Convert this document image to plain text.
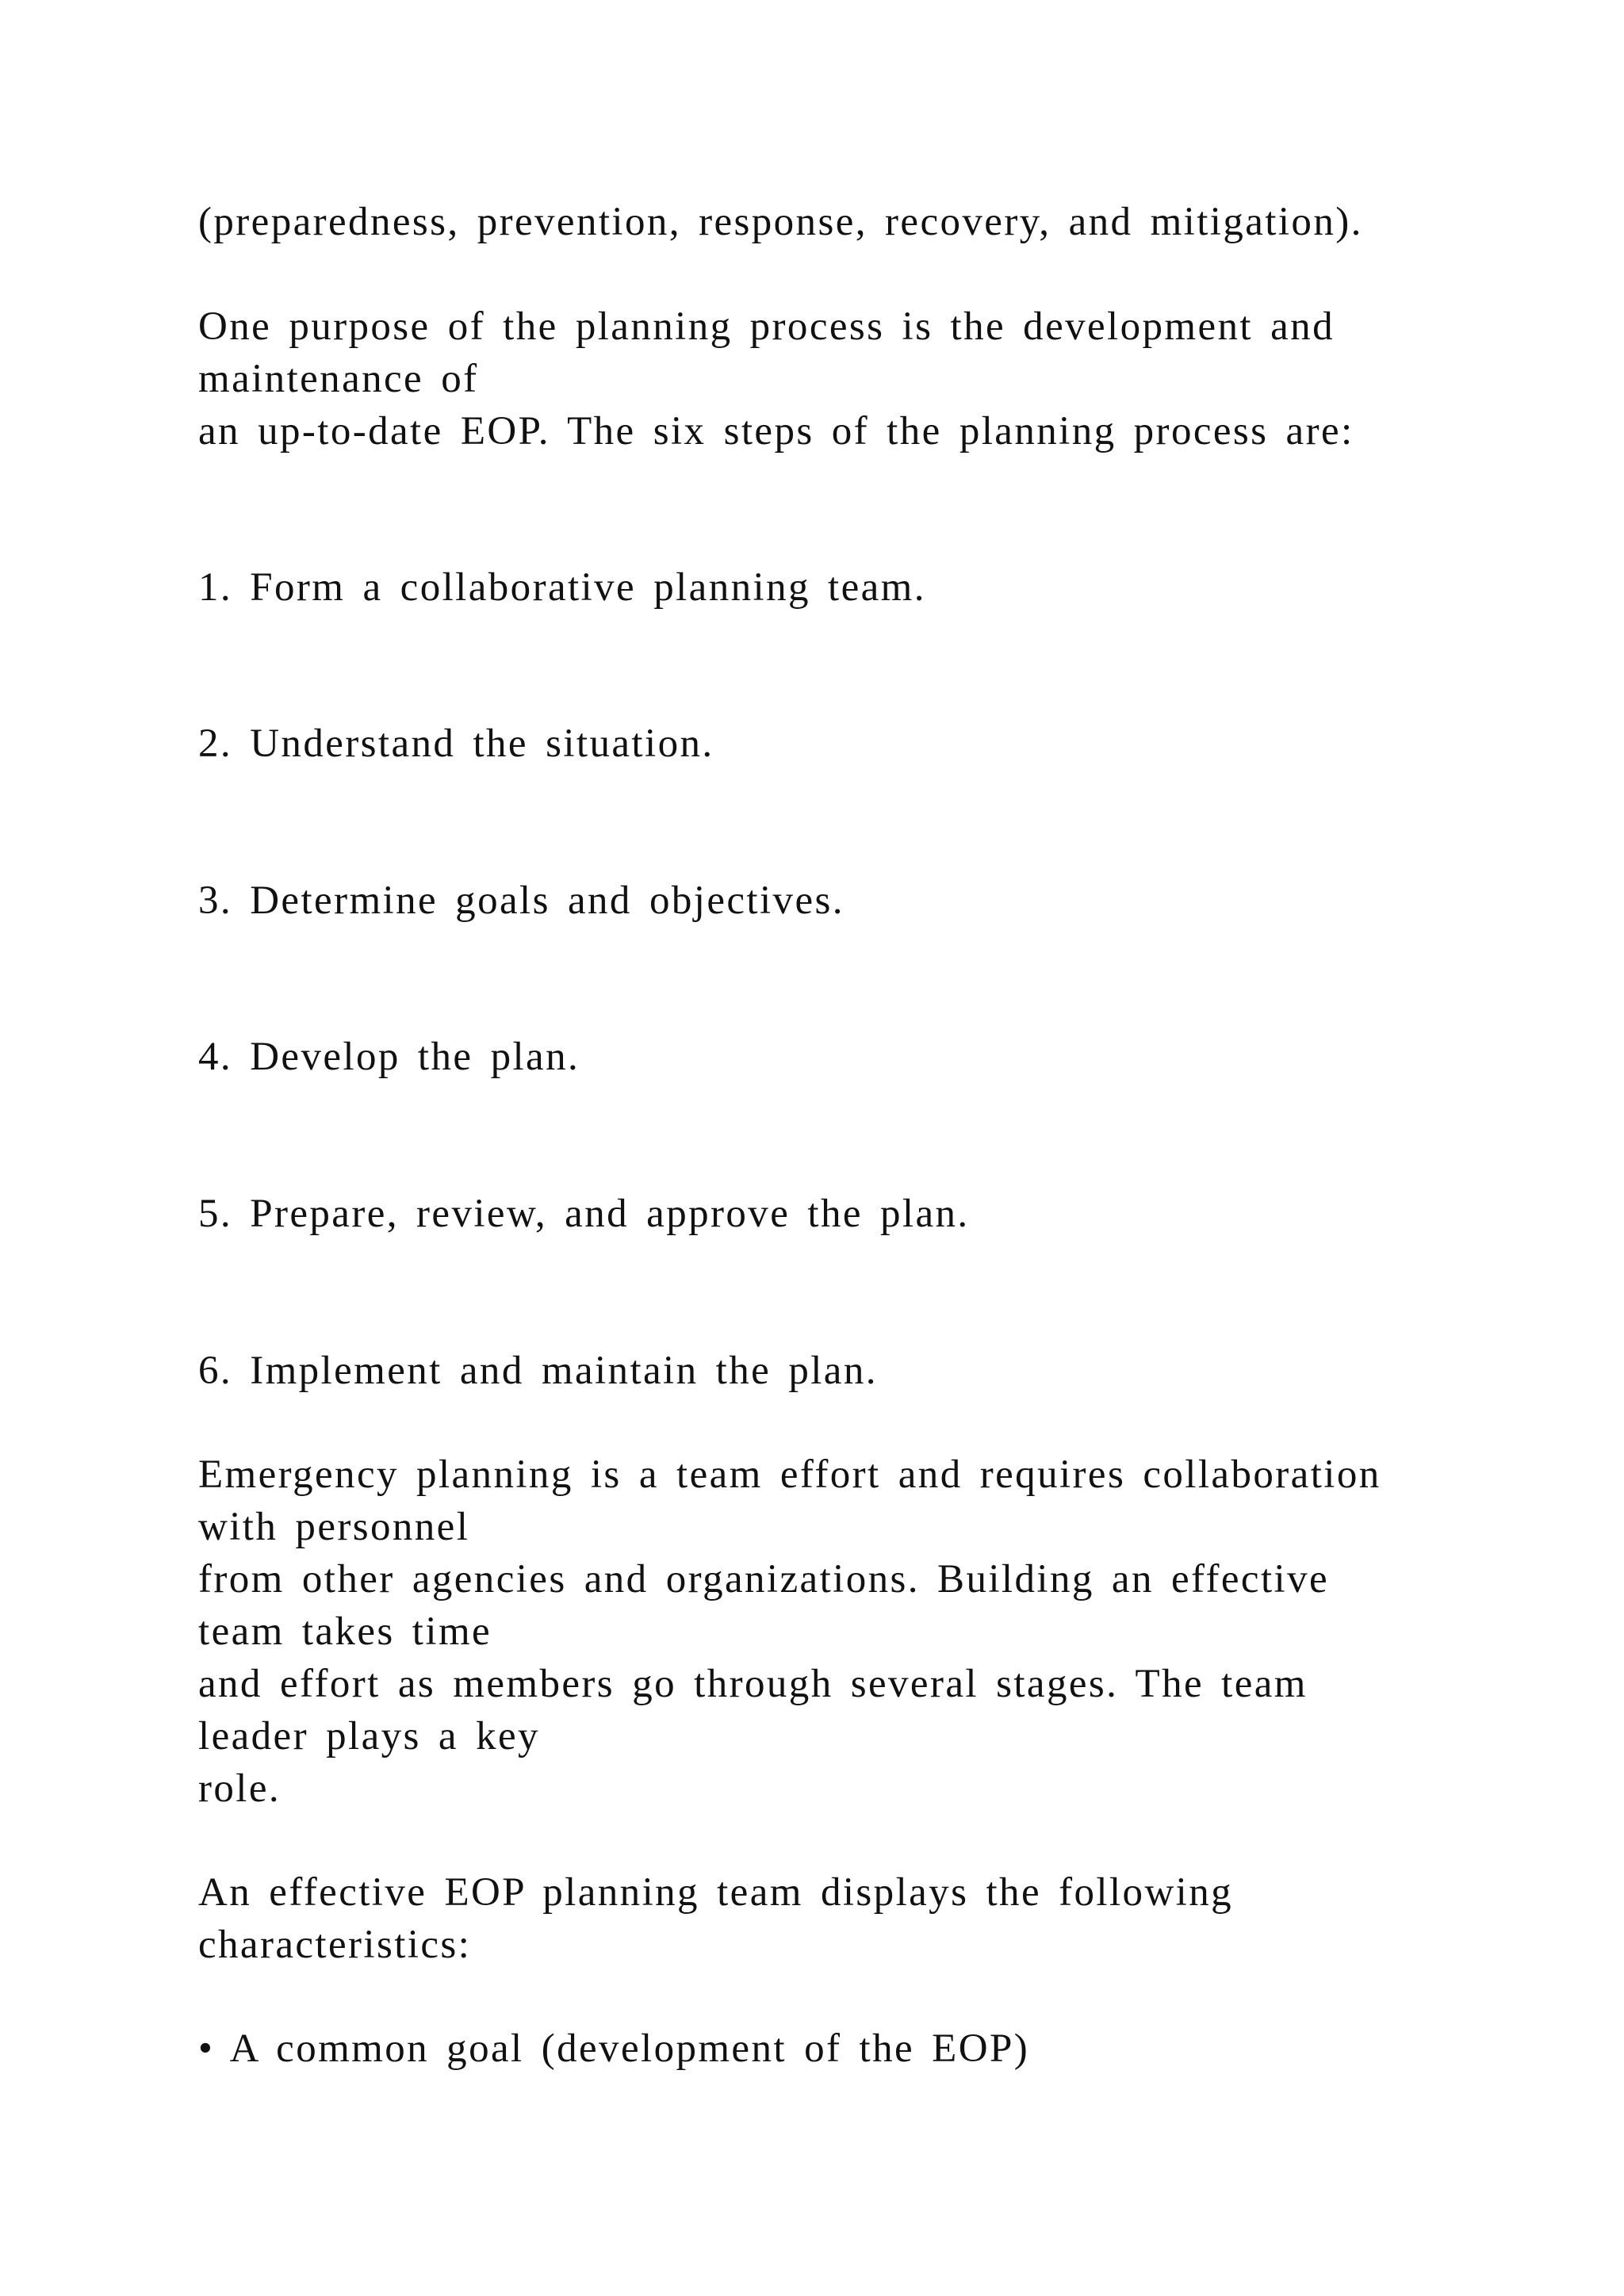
(preparedness, prevention, response, recovery, and mitigation).

One purpose of the planning process is the development and

maintenance of

an up-to-date EOP. The six steps of the planning process are:

1. Form a collaborative planning team.

2. Understand the situation.

3. Determine goals and objectives.

4. Develop the plan.

5. Prepare, review, and approve the plan.

6. Implement and maintain the plan.

Emergency planning is a team effort and requires collaboration

with personnel

from other agencies and organizations. Building an effective

team takes time

and effort as members go through several stages. The team

leader plays a key

role.

An effective EOP planning team displays the following

characteristics:

• A common goal (development of the EOP)
